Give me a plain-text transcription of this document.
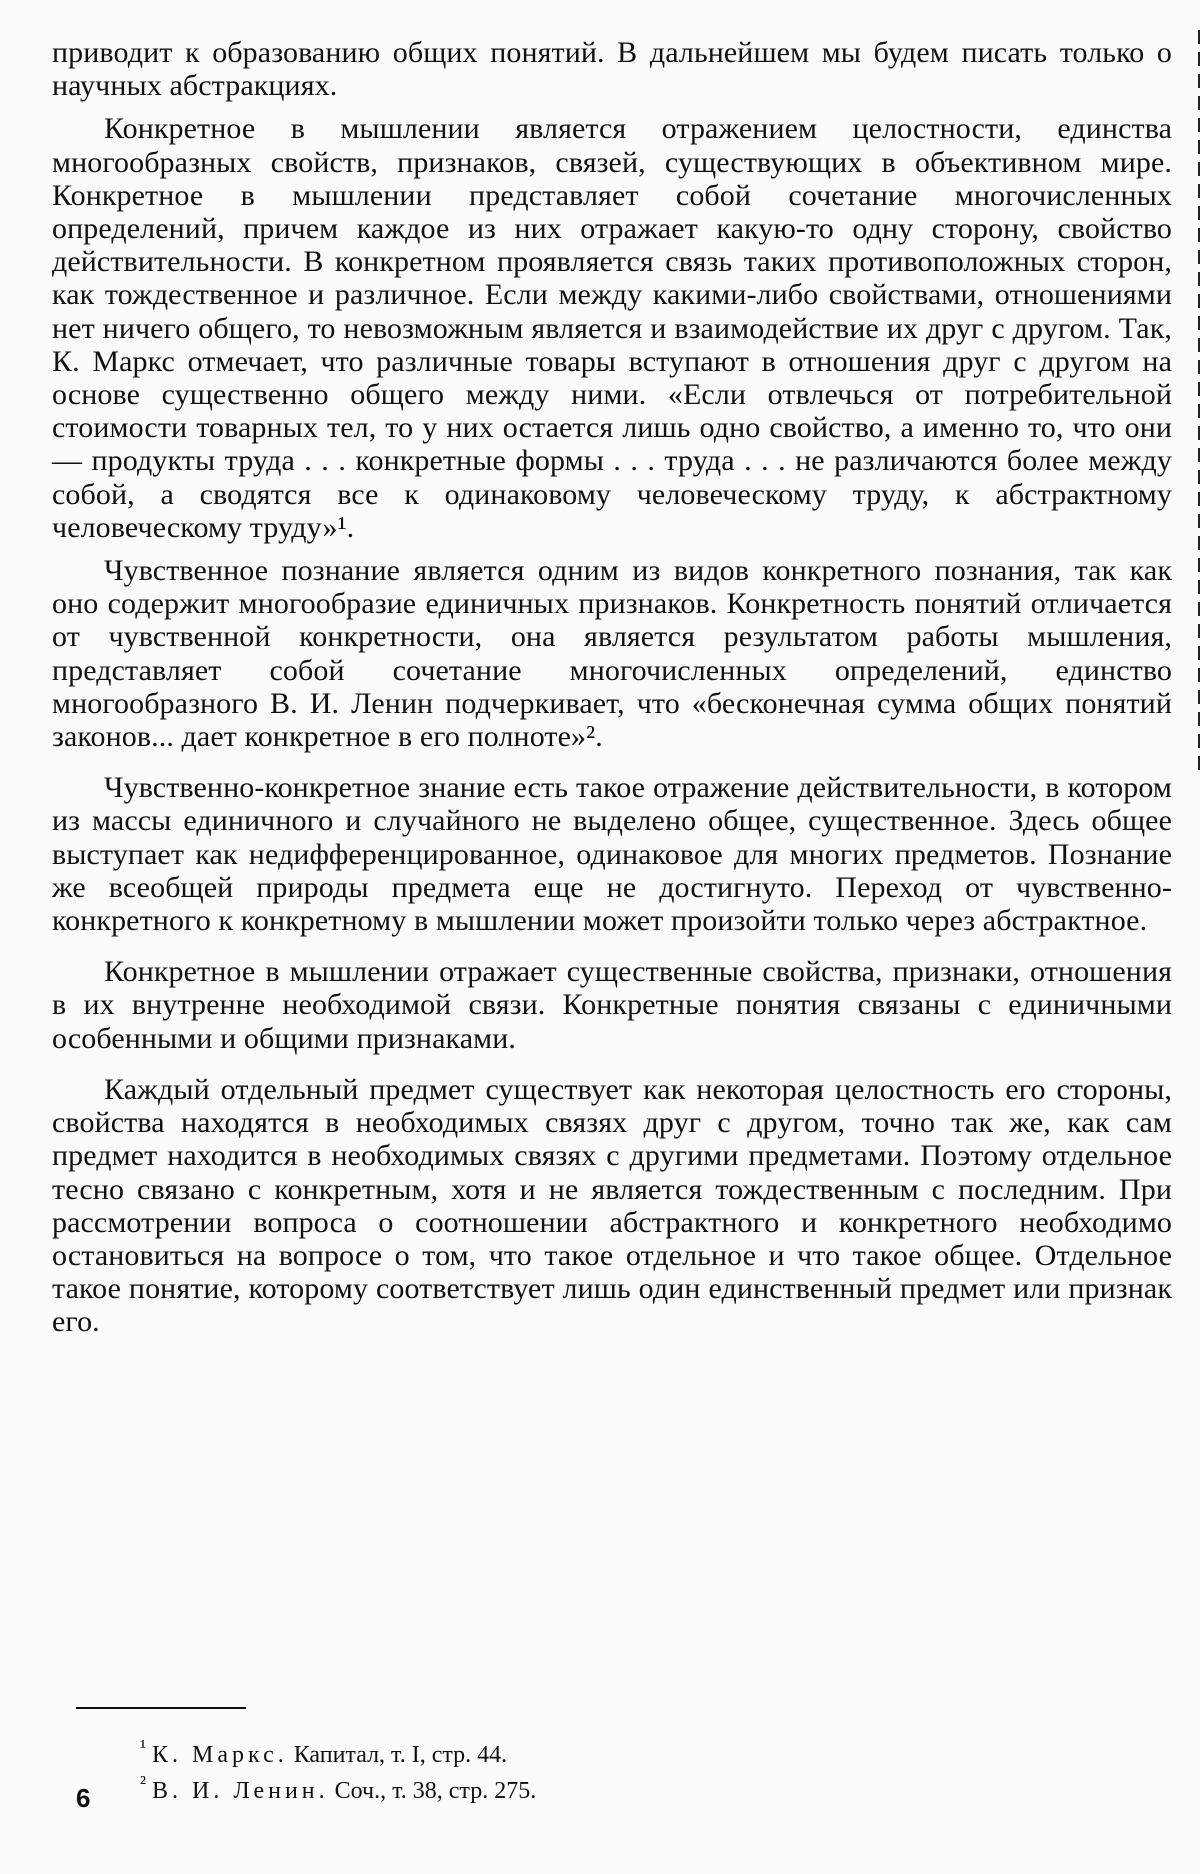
приводит к образованию общих понятий. В дальнейшем мы будем писать только о научных абстракциях.

Конкретное в мышлении является отражением целостности, единства многообразных свойств, признаков, связей, существующих в объективном мире. Конкретное в мышлении представляет собой сочетание многочисленных определений, причем каждое из них отражает какую-то одну сторону, свойство действительности. В конкретном проявляется связь таких противоположных сторон, как тождественное и различное. Если между какими-либо свойствами, отношениями нет ничего общего, то невозможным является и взаимодействие их друг с другом. Так, К. Маркс отмечает, что различные товары вступают в отношения друг с другом на основе существенно общего между ними. «Если отвлечься от потребительной стоимости товарных тел, то у них остается лишь одно свойство, а именно то, что они — продукты труда . . . конкретные формы . . . труда . . . не различаются более между собой, а сводятся все к одинаковому человеческому труду, к абстрактному человеческому труду»¹.

Чувственное познание является одним из видов конкретного познания, так как оно содержит многообразие единичных признаков. Конкретность понятий отличается от чувственной конкретности, она является результатом работы мышления, представляет собой сочетание многочисленных определений, единство многообразного В. И. Ленин подчеркивает, что «бесконечная сумма общих понятий законов... дает конкретное в его полноте»².

Чувственно-конкретное знание есть такое отражение действительности, в котором из массы единичного и случайного не выделено общее, существенное. Здесь общее выступает как недифференцированное, одинаковое для многих предметов. Познание же всеобщей природы предмета еще не достигнуто. Переход от чувственно-конкретного к конкретному в мышлении может произойти только через абстрактное.

Конкретное в мышлении отражает существенные свойства, признаки, отношения в их внутренне необходимой связи. Конкретные понятия связаны с единичными особенными и общими признаками.

Каждый отдельный предмет существует как некоторая целостность его стороны, свойства находятся в необходимых связях друг с другом, точно так же, как сам предмет находится в необходимых связях с другими предметами. Поэтому отдельное тесно связано с конкретным, хотя и не является тождественным с последним. При рассмотрении вопроса о соотношении абстрактного и конкретного необходимо остановиться на вопросе о том, что такое отдельное и что такое общее. Отдельное такое понятие, которому соответствует лишь один единственный предмет или признак его.

$^{^1}$ К. Маркс. Капитал, т. I, стр. 44.

$^{^2}$ В. И. Ленин. Соч., т. 38, стр. 275.

6
